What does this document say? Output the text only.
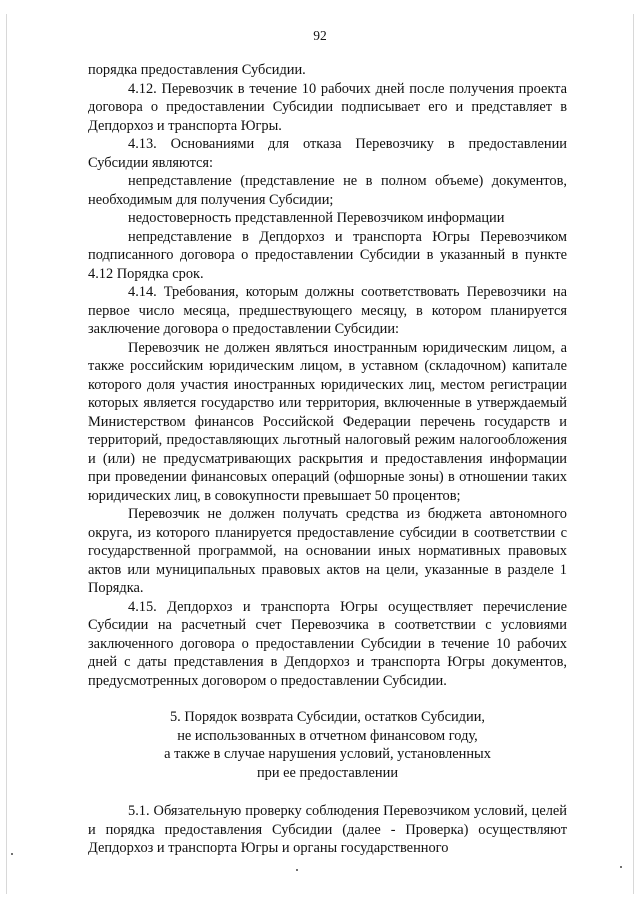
92

порядка предоставления Субсидии.

4.12. Перевозчик в течение 10 рабочих дней после получения проекта договора о предоставлении Субсидии подписывает его и представляет в Депдорхоз и транспорта Югры.

4.13. Основаниями для отказа Перевозчику в предоставлении Субсидии являются:

непредставление (представление не в полном объеме) документов, необходимым для получения Субсидии;

недостоверность представленной Перевозчиком информации

непредставление в Депдорхоз и транспорта Югры Перевозчиком подписанного договора о предоставлении Субсидии в указанный в пункте 4.12 Порядка срок.

4.14. Требования, которым должны соответствовать Перевозчики на первое число месяца, предшествующего месяцу, в котором планируется заключение договора о предоставлении Субсидии:

Перевозчик не должен являться иностранным юридическим лицом, а также российским юридическим лицом, в уставном (складочном) капитале которого доля участия иностранных юридических лиц, местом регистрации которых является государство или территория, включенные в утверждаемый Министерством финансов Российской Федерации перечень государств и территорий, предоставляющих льготный налоговый режим налогообложения и (или) не предусматривающих раскрытия и предоставления информации при проведении финансовых операций (офшорные зоны) в отношении таких юридических лиц, в совокупности превышает 50 процентов;

Перевозчик не должен получать средства из бюджета автономного округа, из которого планируется предоставление субсидии в соответствии с государственной программой, на основании иных нормативных правовых актов или муниципальных правовых актов на цели, указанные в разделе 1 Порядка.

4.15. Депдорхоз и транспорта Югры осуществляет перечисление Субсидии на расчетный счет Перевозчика в соответствии с условиями заключенного договора о предоставлении Субсидии в течение 10 рабочих дней с даты представления в Депдорхоз и транспорта Югры документов, предусмотренных договором о предоставлении Субсидии.

5. Порядок возврата Субсидии, остатков Субсидии,
не использованных в отчетном финансовом году,
а также в случае нарушения условий, установленных
при ее предоставлении

5.1. Обязательную проверку соблюдения Перевозчиком условий, целей и порядка предоставления Субсидии (далее - Проверка) осуществляют Депдорхоз и транспорта Югры и органы государственного
